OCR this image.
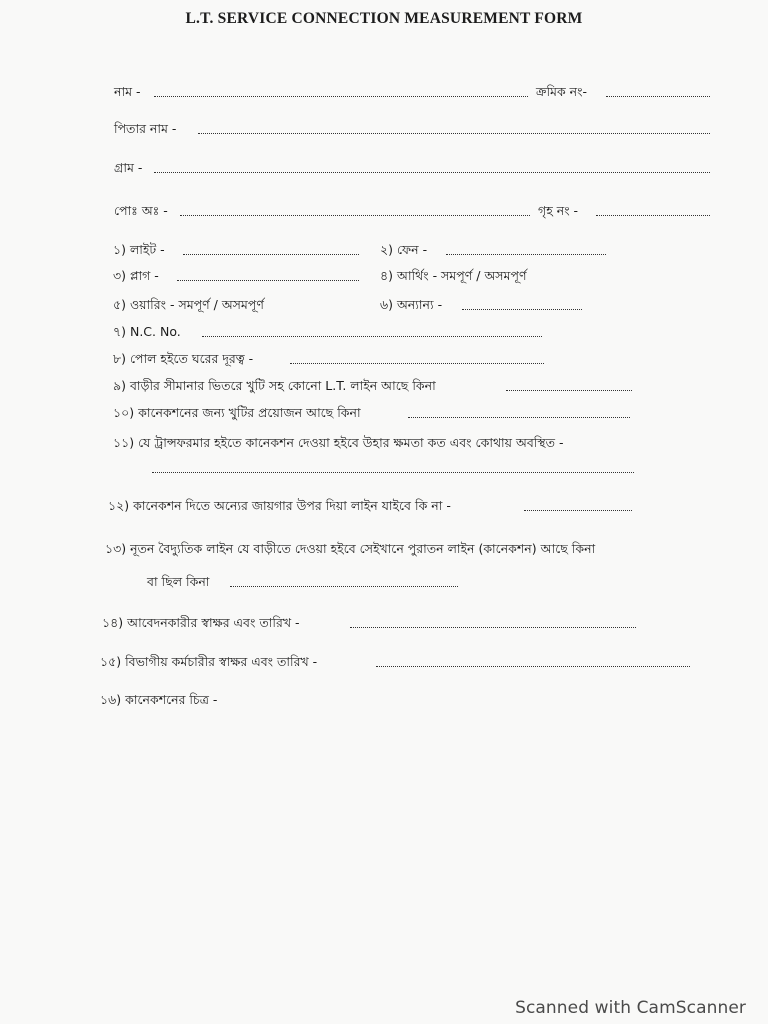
L.T. SERVICE CONNECTION MEASUREMENT FORM
নাম -	ক্রমিক নং-
পিতার নাম -
গ্রাম -
পোঃ অঃ -	গৃহ নং -
১) লাইট -	২) ফেন -
৩) প্লাগ -	৪) আর্থিং - সমপূর্ণ / অসমপূর্ণ
৫) ওয়ারিং - সমপূর্ণ / অসমপূর্ণ	৬) অন্যান্য -
৭) N.C. No.
৮) পোল হইতে ঘরের দূরত্ব -
৯) বাড়ীর সীমানার ভিতরে খুটি সহ কোনো L.T. লাইন আছে কিনা
১০) কানেকশনের জন্য খুটির প্রয়োজন আছে কিনা
১১) যে ট্রান্সফরমার হইতে কানেকশন দেওয়া হইবে উহার ক্ষমতা কত এবং কোথায় অবস্থিত -
১২) কানেকশন দিতে অন্যের জায়গার উপর দিয়া লাইন যাইবে কি না -
১৩) নূতন বৈদ্যুতিক লাইন যে বাড়ীতে দেওয়া হইবে সেইখানে পুরাতন লাইন (কানেকশন) আছে কিনা
বা ছিল কিনা
১৪) আবেদনকারীর স্বাক্ষর এবং তারিখ -
১৫) বিভাগীয় কর্মচারীর স্বাক্ষর এবং তারিখ -
১৬) কানেকশনের চিত্র -
Scanned with CamScanner
